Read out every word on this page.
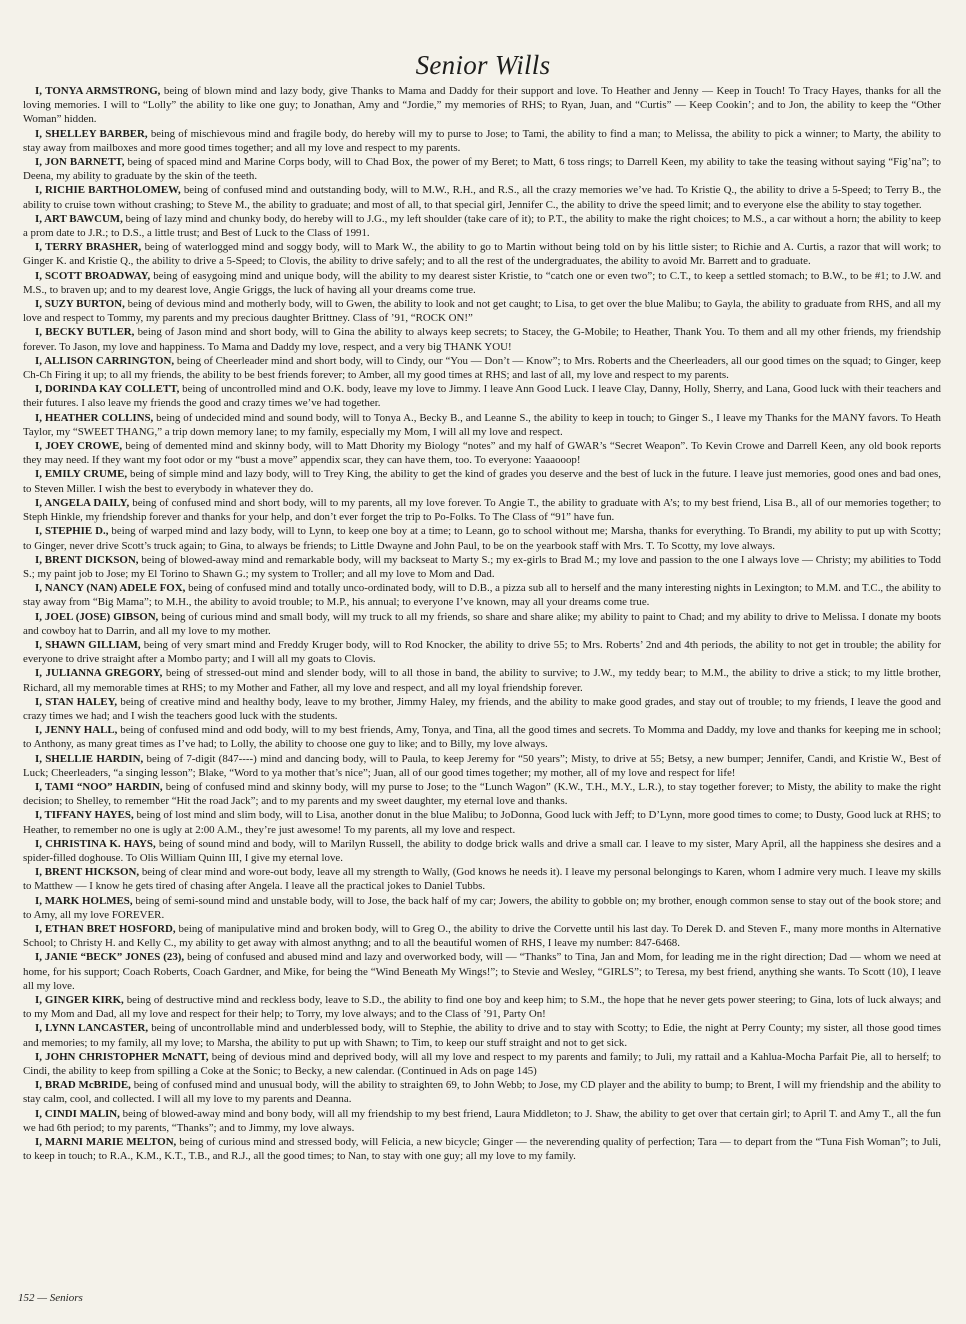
Senior Wills

I, TONYA ARMSTRONG, being of blown mind and lazy body, give Thanks to Mama and Daddy for their support and love. To Heather and Jenny — Keep in Touch! To Tracy Hayes, thanks for all the loving memories. I will to “Lolly” the ability to like one guy; to Jonathan, Amy and “Jordie,” my memories of RHS; to Ryan, Juan, and “Curtis” — Keep Cookin’; and to Jon, the ability to keep the “Other Woman” hidden.

I, SHELLEY BARBER, being of mischievous mind and fragile body, do hereby will my to purse to Jose; to Tami, the ability to find a man; to Melissa, the ability to pick a winner; to Marty, the ability to stay away from mailboxes and more good times together; and all my love and respect to my parents.

I, JON BARNETT, being of spaced mind and Marine Corps body, will to Chad Box, the power of my Beret; to Matt, 6 toss rings; to Darrell Keen, my ability to take the teasing without saying “Fig’na”; to Deena, my ability to graduate by the skin of the teeth.

I, RICHIE BARTHOLOMEW, being of confused mind and outstanding body, will to M.W., R.H., and R.S., all the crazy memories we’ve had. To Kristie Q., the ability to drive a 5-Speed; to Terry B., the ability to cruise town without crashing; to Steve M., the ability to graduate; and most of all, to that special girl, Jennifer C., the ability to drive the speed limit; and to everyone else the ability to stay together.

I, ART BAWCUM, being of lazy mind and chunky body, do hereby will to J.G., my left shoulder (take care of it); to P.T., the ability to make the right choices; to M.S., a car without a horn; the ability to keep a prom date to J.R.; to D.S., a little trust; and Best of Luck to the Class of 1991.

I, TERRY BRASHER, being of waterlogged mind and soggy body, will to Mark W., the ability to go to Martin without being told on by his little sister; to Richie and A. Curtis, a razor that will work; to Ginger K. and Kristie Q., the ability to drive a 5-Speed; to Clovis, the ability to drive safely; and to all the rest of the undergraduates, the ability to avoid Mr. Barrett and to graduate.

I, SCOTT BROADWAY, being of easygoing mind and unique body, will the ability to my dearest sister Kristie, to “catch one or even two”; to C.T., to keep a settled stomach; to B.W., to be #1; to J.W. and M.S., to braven up; and to my dearest love, Angie Griggs, the luck of having all your dreams come true.

I, SUZY BURTON, being of devious mind and motherly body, will to Gwen, the ability to look and not get caught; to Lisa, to get over the blue Malibu; to Gayla, the ability to graduate from RHS, and all my love and respect to Tommy, my parents and my precious daughter Brittney. Class of ’91, “ROCK ON!”

I, BECKY BUTLER, being of Jason mind and short body, will to Gina the ability to always keep secrets; to Stacey, the G-Mobile; to Heather, Thank You. To them and all my other friends, my friendship forever. To Jason, my love and happiness. To Mama and Daddy my love, respect, and a very big THANK YOU!

I, ALLISON CARRINGTON, being of Cheerleader mind and short body, will to Cindy, our “You — Don’t — Know”; to Mrs. Roberts and the Cheerleaders, all our good times on the squad; to Ginger, keep Ch-Ch Firing it up; to all my friends, the ability to be best friends forever; to Amber, all my good times at RHS; and last of all, my love and respect to my parents.

I, DORINDA KAY COLLETT, being of uncontrolled mind and O.K. body, leave my love to Jimmy. I leave Ann Good Luck. I leave Clay, Danny, Holly, Sherry, and Lana, Good luck with their teachers and their futures. I also leave my friends the good and crazy times we’ve had together.

I, HEATHER COLLINS, being of undecided mind and sound body, will to Tonya A., Becky B., and Leanne S., the ability to keep in touch; to Ginger S., I leave my Thanks for the MANY favors. To Heath Taylor, my “SWEET THANG,” a trip down memory lane; to my family, especially my Mom, I will all my love and respect.

I, JOEY CROWE, being of demented mind and skinny body, will to Matt Dhority my Biology “notes” and my half of GWAR’s “Secret Weapon”. To Kevin Crowe and Darrell Keen, any old book reports they may need. If they want my foot odor or my “bust a move” appendix scar, they can have them, too. To everyone: Yaaaooop!

I, EMILY CRUME, being of simple mind and lazy body, will to Trey King, the ability to get the kind of grades you deserve and the best of luck in the future. I leave just memories, good ones and bad ones, to Steven Miller. I wish the best to everybody in whatever they do.

I, ANGELA DAILY, being of confused mind and short body, will to my parents, all my love forever. To Angie T., the ability to graduate with A’s; to my best friend, Lisa B., all of our memories together; to Steph Hinkle, my friendship forever and thanks for your help, and don’t ever forget the trip to Po-Folks. To The Class of “91” have fun.

I, STEPHIE D., being of warped mind and lazy body, will to Lynn, to keep one boy at a time; to Leann, go to school without me; Marsha, thanks for everything. To Brandi, my ability to put up with Scotty; to Ginger, never drive Scott’s truck again; to Gina, to always be friends; to Little Dwayne and John Paul, to be on the yearbook staff with Mrs. T. To Scotty, my love always.

I, BRENT DICKSON, being of blowed-away mind and remarkable body, will my backseat to Marty S.; my ex-girls to Brad M.; my love and passion to the one I always love — Christy; my abilities to Todd S.; my paint job to Jose; my El Torino to Shawn G.; my system to Troller; and all my love to Mom and Dad.

I, NANCY (NAN) ADELE FOX, being of confused mind and totally unco-ordinated body, will to D.B., a pizza sub all to herself and the many interesting nights in Lexington; to M.M. and T.C., the ability to stay away from “Big Mama”; to M.H., the ability to avoid trouble; to M.P., his annual; to everyone I’ve known, may all your dreams come true.

I, JOEL (JOSE) GIBSON, being of curious mind and small body, will my truck to all my friends, so share and share alike; my ability to paint to Chad; and my ability to drive to Melissa. I donate my boots and cowboy hat to Darrin, and all my love to my mother.

I, SHAWN GILLIAM, being of very smart mind and Freddy Kruger body, will to Rod Knocker, the ability to drive 55; to Mrs. Roberts’ 2nd and 4th periods, the ability to not get in trouble; the ability for everyone to drive straight after a Mombo party; and I will all my goats to Clovis.

I, JULIANNA GREGORY, being of stressed-out mind and slender body, will to all those in band, the ability to survive; to J.W., my teddy bear; to M.M., the ability to drive a stick; to my little brother, Richard, all my memorable times at RHS; to my Mother and Father, all my love and respect, and all my loyal friendship forever.

I, STAN HALEY, being of creative mind and healthy body, leave to my brother, Jimmy Haley, my friends, and the ability to make good grades, and stay out of trouble; to my friends, I leave the good and crazy times we had; and I wish the teachers good luck with the students.

I, JENNY HALL, being of confused mind and odd body, will to my best friends, Amy, Tonya, and Tina, all the good times and secrets. To Momma and Daddy, my love and thanks for keeping me in school; to Anthony, as many great times as I’ve had; to Lolly, the ability to choose one guy to like; and to Billy, my love always.

I, SHELLIE HARDIN, being of 7-digit (847----) mind and dancing body, will to Paula, to keep Jeremy for “50 years”; Misty, to drive at 55; Betsy, a new bumper; Jennifer, Candi, and Kristie W., Best of Luck; Cheerleaders, “a singing lesson”; Blake, “Word to ya mother that’s nice”; Juan, all of our good times together; my mother, all of my love and respect for life!

I, TAMI “NOO” HARDIN, being of confused mind and skinny body, will my purse to Jose; to the “Lunch Wagon” (K.W., T.H., M.Y., L.R.), to stay together forever; to Misty, the ability to make the right decision; to Shelley, to remember “Hit the road Jack”; and to my parents and my sweet daughter, my eternal love and thanks.

I, TIFFANY HAYES, being of lost mind and slim body, will to Lisa, another donut in the blue Malibu; to JoDonna, Good luck with Jeff; to D’Lynn, more good times to come; to Dusty, Good luck at RHS; to Heather, to remember no one is ugly at 2:00 A.M., they’re just awesome! To my parents, all my love and respect.

I, CHRISTINA K. HAYS, being of sound mind and body, will to Marilyn Russell, the ability to dodge brick walls and drive a small car. I leave to my sister, Mary April, all the happiness she desires and a spider-filled doghouse. To Olis William Quinn III, I give my eternal love.

I, BRENT HICKSON, being of clear mind and wore-out body, leave all my strength to Wally, (God knows he needs it). I leave my personal belongings to Karen, whom I admire very much. I leave my skills to Matthew — I know he gets tired of chasing after Angela. I leave all the practical jokes to Daniel Tubbs.

I, MARK HOLMES, being of semi-sound mind and unstable body, will to Jose, the back half of my car; Jowers, the ability to gobble on; my brother, enough common sense to stay out of the book store; and to Amy, all my love FOREVER.

I, ETHAN BRET HOSFORD, being of manipulative mind and broken body, will to Greg O., the ability to drive the Corvette until his last day. To Derek D. and Steven F., many more months in Alternative School; to Christy H. and Kelly C., my ability to get away with almost anythng; and to all the beautiful women of RHS, I leave my number: 847-6468.

I, JANIE “BECK” JONES (23), being of confused and abused mind and lazy and overworked body, will — “Thanks” to Tina, Jan and Mom, for leading me in the right direction; Dad — whom we need at home, for his support; Coach Roberts, Coach Gardner, and Mike, for being the “Wind Beneath My Wings!”; to Stevie and Wesley, “GIRLS”; to Teresa, my best friend, anything she wants. To Scott (10), I leave all my love.

I, GINGER KIRK, being of destructive mind and reckless body, leave to S.D., the ability to find one boy and keep him; to S.M., the hope that he never gets power steering; to Gina, lots of luck always; and to my Mom and Dad, all my love and respect for their help; to Torry, my love always; and to the Class of ’91, Party On!

I, LYNN LANCASTER, being of uncontrollable mind and underblessed body, will to Stephie, the ability to drive and to stay with Scotty; to Edie, the night at Perry County; my sister, all those good times and memories; to my family, all my love; to Marsha, the ability to put up with Shawn; to Tim, to keep our stuff straight and not to get sick.

I, JOHN CHRISTOPHER McNATT, being of devious mind and deprived body, will all my love and respect to my parents and family; to Juli, my rattail and a Kahlua-Mocha Parfait Pie, all to herself; to Cindi, the ability to keep from spilling a Coke at the Sonic; to Becky, a new calendar. (Continued in Ads on page 145)

I, BRAD McBRIDE, being of confused mind and unusual body, will the ability to straighten 69, to John Webb; to Jose, my CD player and the ability to bump; to Brent, I will my friendship and the ability to stay calm, cool, and collected. I will all my love to my parents and Deanna.

I, CINDI MALIN, being of blowed-away mind and bony body, will all my friendship to my best friend, Laura Middleton; to J. Shaw, the ability to get over that certain girl; to April T. and Amy T., all the fun we had 6th period; to my parents, “Thanks”; and to Jimmy, my love always.

I, MARNI MARIE MELTON, being of curious mind and stressed body, will Felicia, a new bicycle; Ginger — the neverending quality of perfection; Tara — to depart from the “Tuna Fish Woman”; to Juli, to keep in touch; to R.A., K.M., K.T., T.B., and R.J., all the good times; to Nan, to stay with one guy; all my love to my family.

152 — Seniors
